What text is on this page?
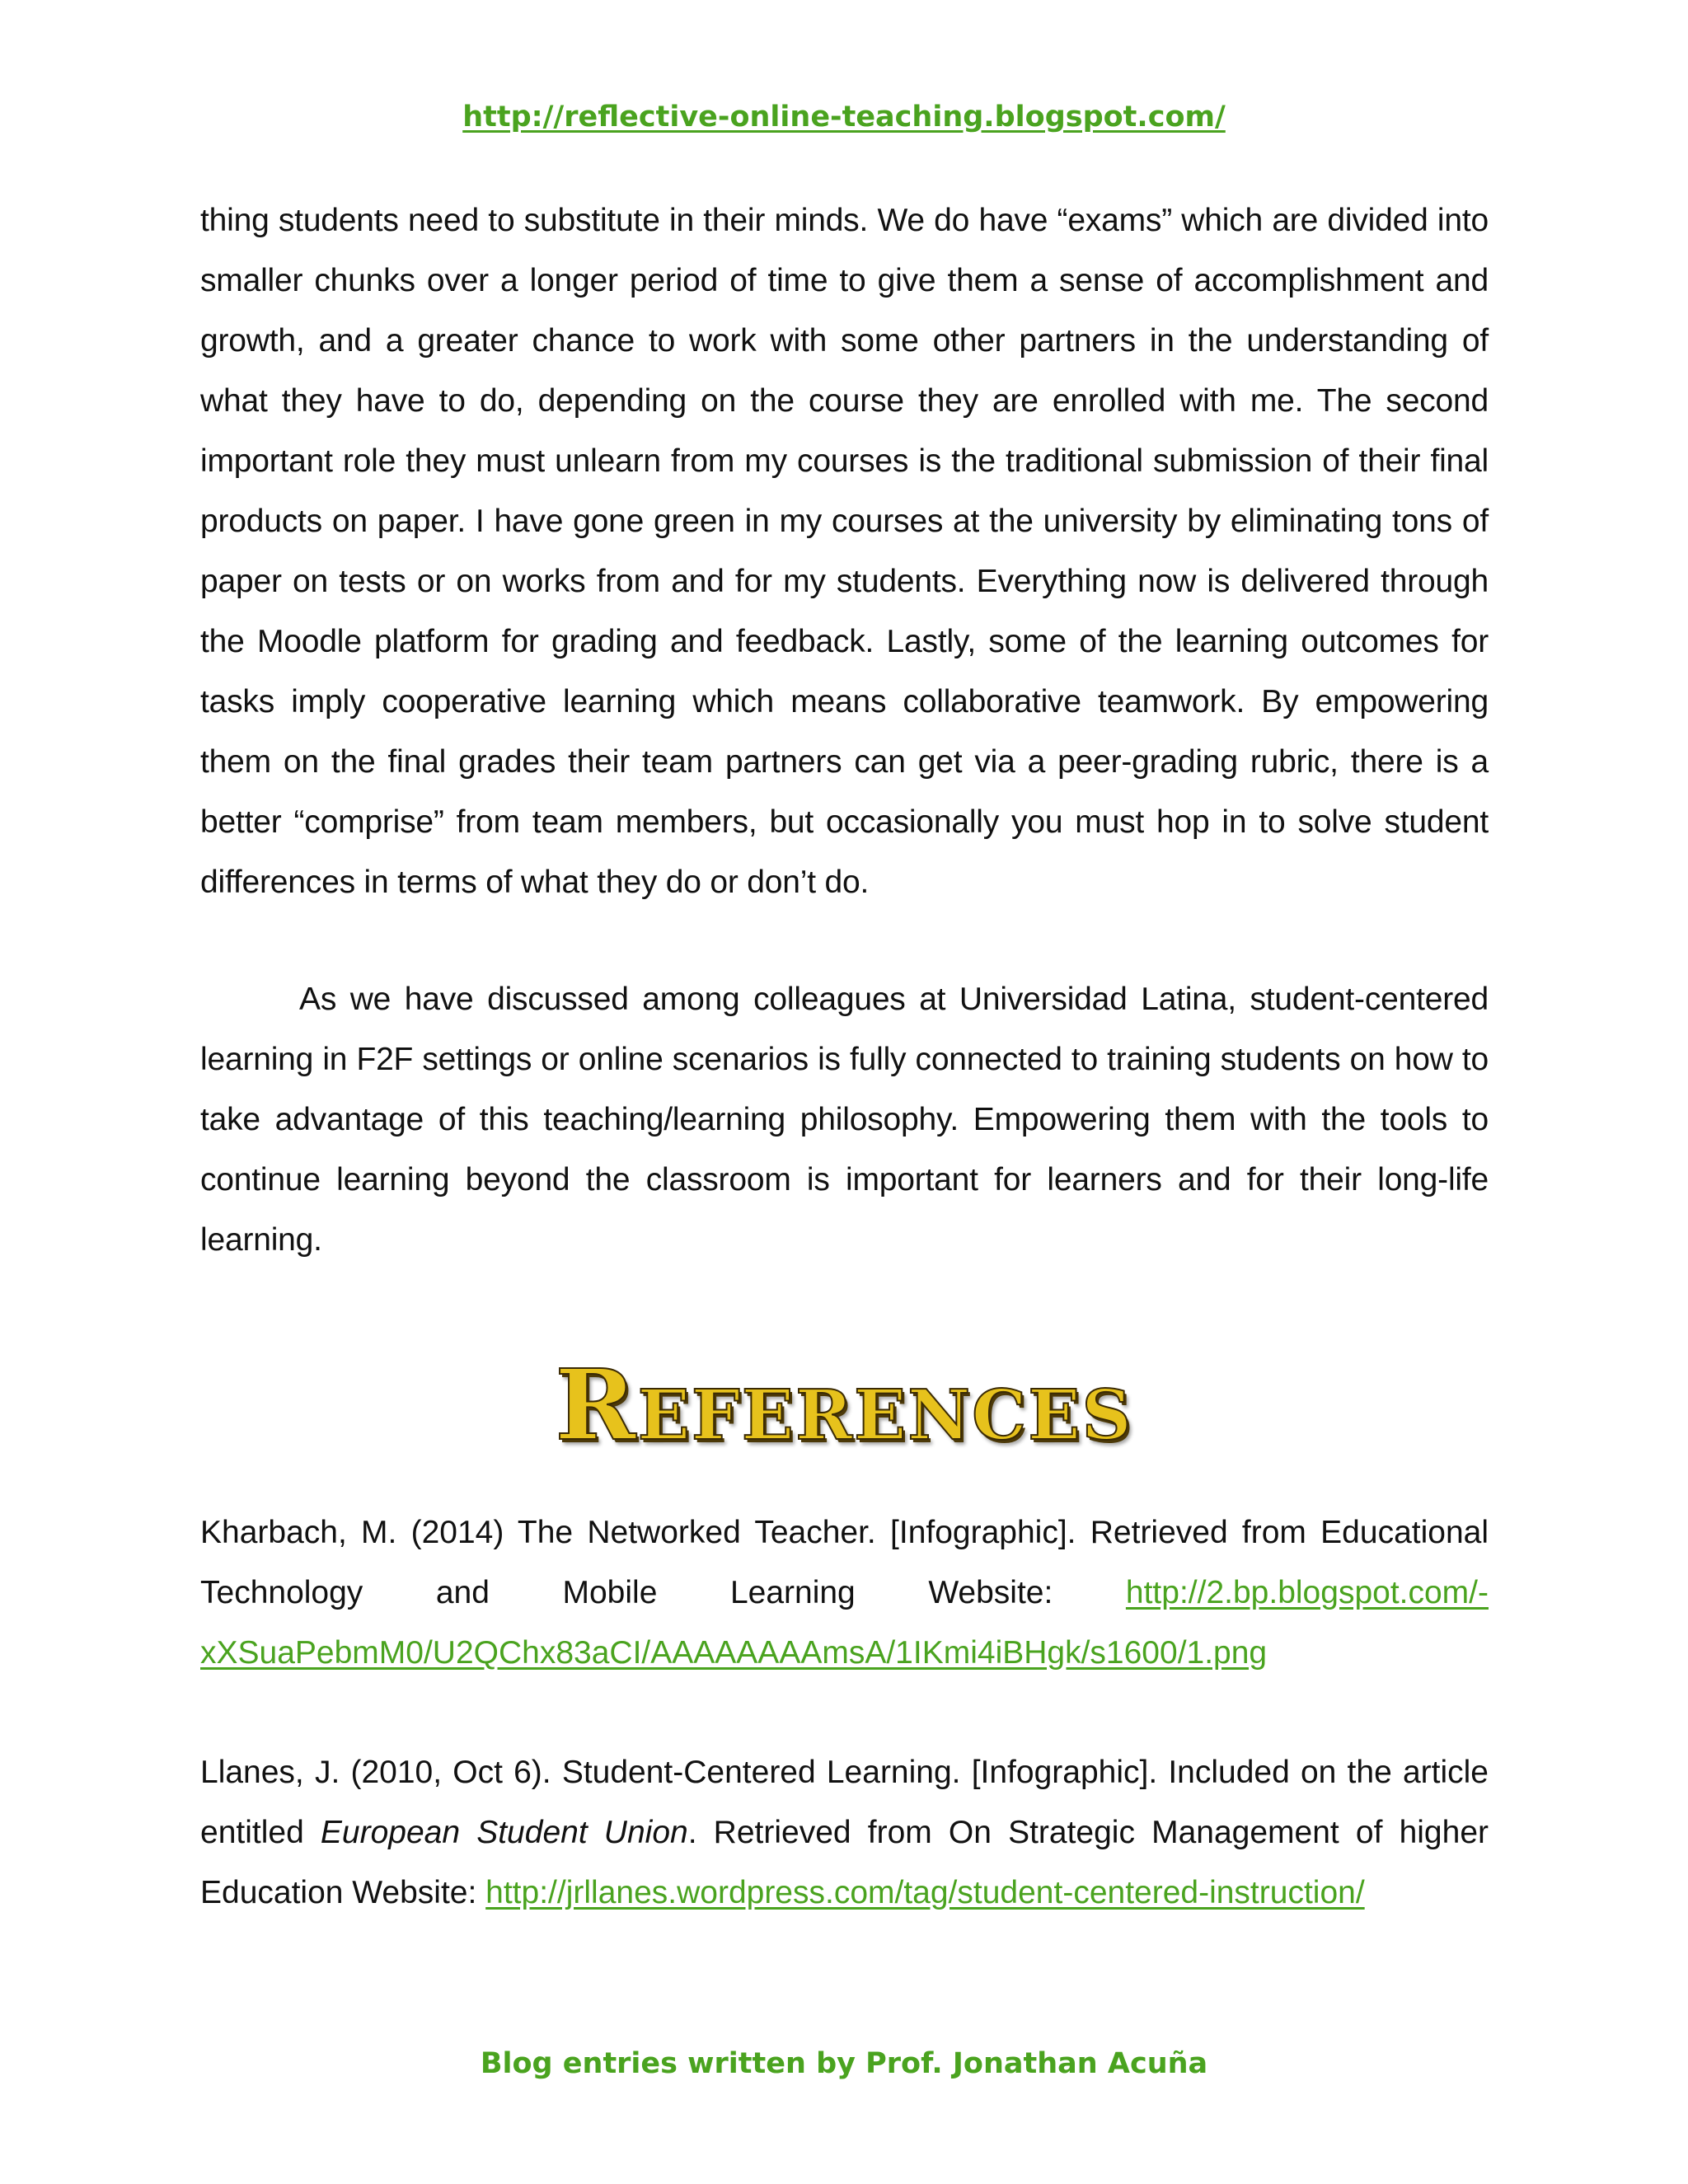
http://reflective-online-teaching.blogspot.com/

thing students need to substitute in their minds. We do have “exams” which are divided into smaller chunks over a longer period of time to give them a sense of accomplishment and growth, and a greater chance to work with some other partners in the understanding of what they have to do, depending on the course they are enrolled with me. The second important role they must unlearn from my courses is the traditional submission of their final products on paper. I have gone green in my courses at the university by eliminating tons of paper on tests or on works from and for my students. Everything now is delivered through the Moodle platform for grading and feedback. Lastly, some of the learning outcomes for tasks imply cooperative learning which means collaborative teamwork. By empowering them on the final grades their team partners can get via a peer-grading rubric, there is a better “comprise” from team members, but occasionally you must hop in to solve student differences in terms of what they do or don’t do.

As we have discussed among colleagues at Universidad Latina, student-centered learning in F2F settings or online scenarios is fully connected to training students on how to take advantage of this teaching/learning philosophy. Empowering them with the tools to continue learning beyond the classroom is important for learners and for their long-life learning.

References

Kharbach, M. (2014) The Networked Teacher. [Infographic]. Retrieved from Educational Technology and Mobile Learning Website: http://2.bp.blogspot.com/-xXSuaPebmM0/U2QChx83aCI/AAAAAAAAmsA/1IKmi4iBHgk/s1600/1.png

Llanes, J. (2010, Oct 6). Student-Centered Learning. [Infographic]. Included on the article entitled European Student Union. Retrieved from On Strategic Management of higher Education Website: http://jrllanes.wordpress.com/tag/student-centered-instruction/

Blog entries written by Prof. Jonathan Acuña
